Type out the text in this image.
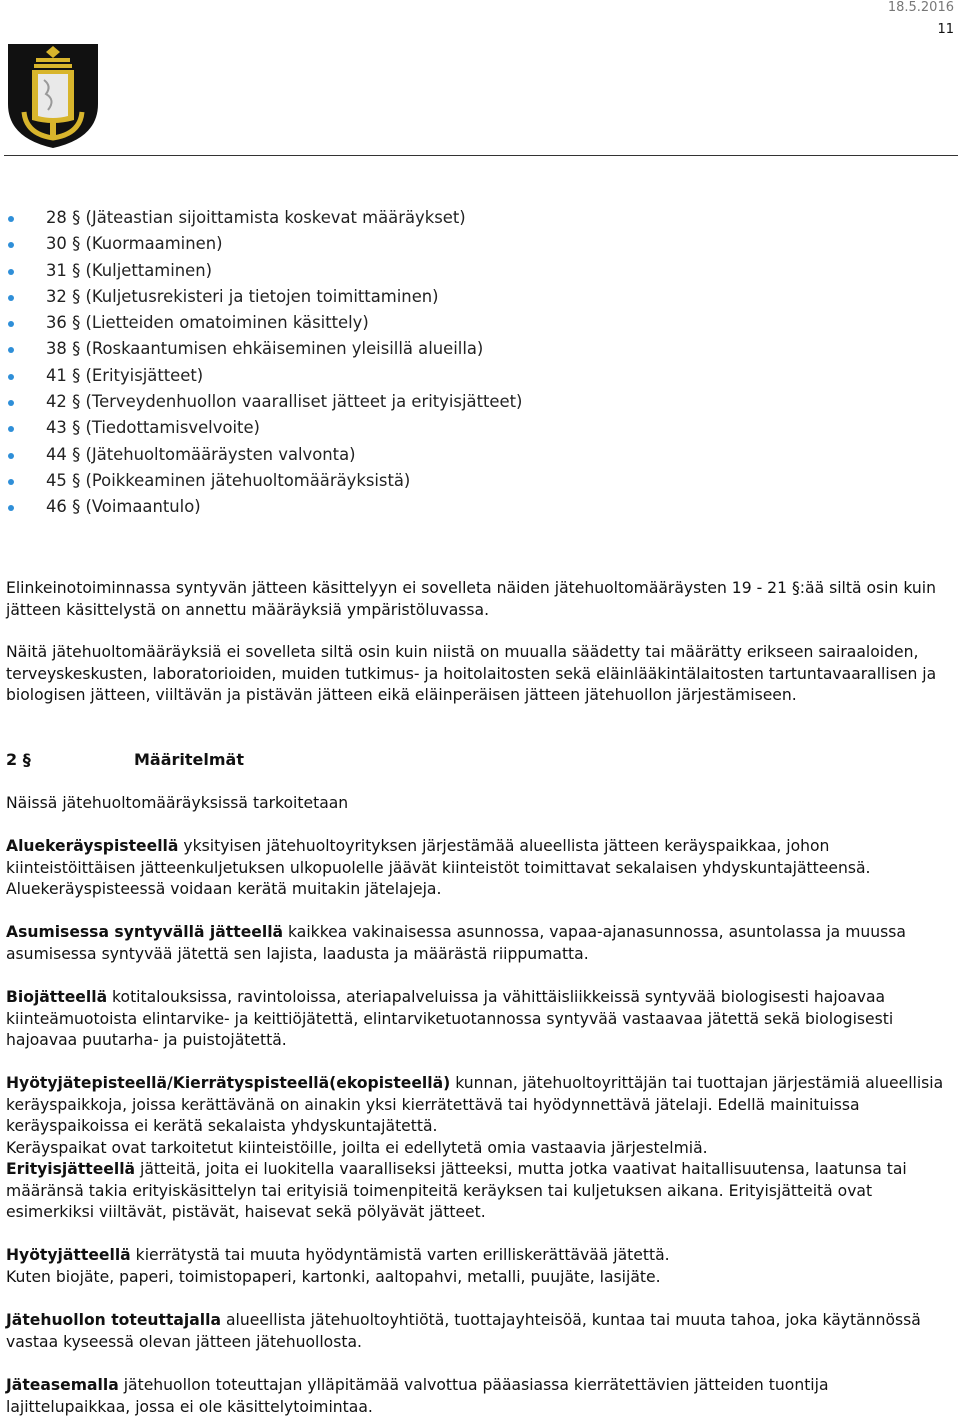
18.5.2016
11
28 § (Jäteastian sijoittamista koskevat määräykset)
30 § (Kuormaaminen)
31 § (Kuljettaminen)
32 § (Kuljetusrekisteri ja tietojen toimittaminen)
36 § (Lietteiden omatoiminen käsittely)
38 § (Roskaantumisen ehkäiseminen yleisillä alueilla)
41 § (Erityisjätteet)
42 § (Terveydenhuollon vaaralliset jätteet ja erityisjätteet)
43 § (Tiedottamisvelvoite)
44 § (Jätehuoltomääräysten valvonta)
45 § (Poikkeaminen jätehuoltomääräyksistä)
46 § (Voimaantulo)
Elinkeinotoiminnassa syntyvän jätteen käsittelyyn ei sovelleta näiden jätehuoltomääräysten 19 - 21 §:ää siltä osin kuin jätteen käsittelystä on annettu määräyksiä ympäristöluvassa.
Näitä jätehuoltomääräyksiä ei sovelleta siltä osin kuin niistä on muualla säädetty tai määrätty erikseen sairaaloiden, terveyskeskusten, laboratorioiden, muiden tutkimus- ja hoitolaitosten sekä eläinlääkintälaitosten tartuntavaarallisen ja biologisen jätteen, viiltävän ja pistävän jätteen eikä eläinperäisen jätteen jätehuollon järjestämiseen.
2 §	Määritelmät
Näissä jätehuoltomääräyksissä tarkoitetaan
Aluekeräyspisteellä yksityisen jätehuoltoyrityksen järjestämää alueellista jätteen keräyspaikkaa, johon kiinteistöittäisen jätteenkuljetuksen ulkopuolelle jäävät kiinteistöt toimittavat sekalaisen yhdyskuntajätteensä. Aluekeräyspisteessä voidaan kerätä muitakin jätelajeja.
Asumisessa syntyvällä jätteellä kaikkea vakinaisessa asunnossa, vapaa-ajanasunnossa, asuntolassa ja muussa asumisessa syntyvää jätettä sen lajista, laadusta ja määrästä riippumatta.
Biojätteellä kotitalouksissa, ravintoloissa, ateriapalveluissa ja vähittäisliikkeissä syntyvää biologisesti hajoavaa kiinteämuotoista elintarvike- ja keittiöjätettä, elintarviketuotannossa syntyvää vastaavaa jätettä sekä biologisesti hajoavaa puutarha- ja puistojätettä.
Hyötyjätepisteellä/Kierrätyspisteellä(ekopisteellä) kunnan, jätehuoltoyrittäjän tai tuottajan järjestämiä alueellisia keräyspaikkoja, joissa kerättävänä on ainakin yksi kierrätettävä tai hyödynnettävä jätelaji. Edellä mainituissa keräyspaikoissa ei kerätä sekalaista yhdyskuntajätettä.
Keräyspaikat ovat tarkoitetut kiinteistöille, joilta ei edellytetä omia vastaavia järjestelmiä.
Erityisjätteellä jätteitä, joita ei luokitella vaaralliseksi jätteeksi, mutta jotka vaativat haitallisuutensa, laatunsa tai määränsä takia erityiskäsittelyn tai erityisiä toimenpiteitä keräyksen tai kuljetuksen aikana. Erityisjätteitä ovat esimerkiksi viiltävät, pistävät, haisevat sekä pölyävät jätteet.
Hyötyjätteellä kierrätystä tai muuta hyödyntämistä varten erilliskerättävää jätettä.
Kuten biojäte, paperi, toimistopaperi, kartonki, aaltopahvi, metalli, puujäte, lasijäte.
Jätehuollon toteuttajalla alueellista jätehuoltoyhtiötä, tuottajayhteisöä, kuntaa tai muuta tahoa, joka käytännössä vastaa kyseessä olevan jätteen jätehuollosta.
Jäteasemalla jätehuollon toteuttajan ylläpitämää valvottua pääasiassa kierrätettävien jätteiden tuontija lajittelupaikkaa, jossa ei ole käsittelytoimintaa.
